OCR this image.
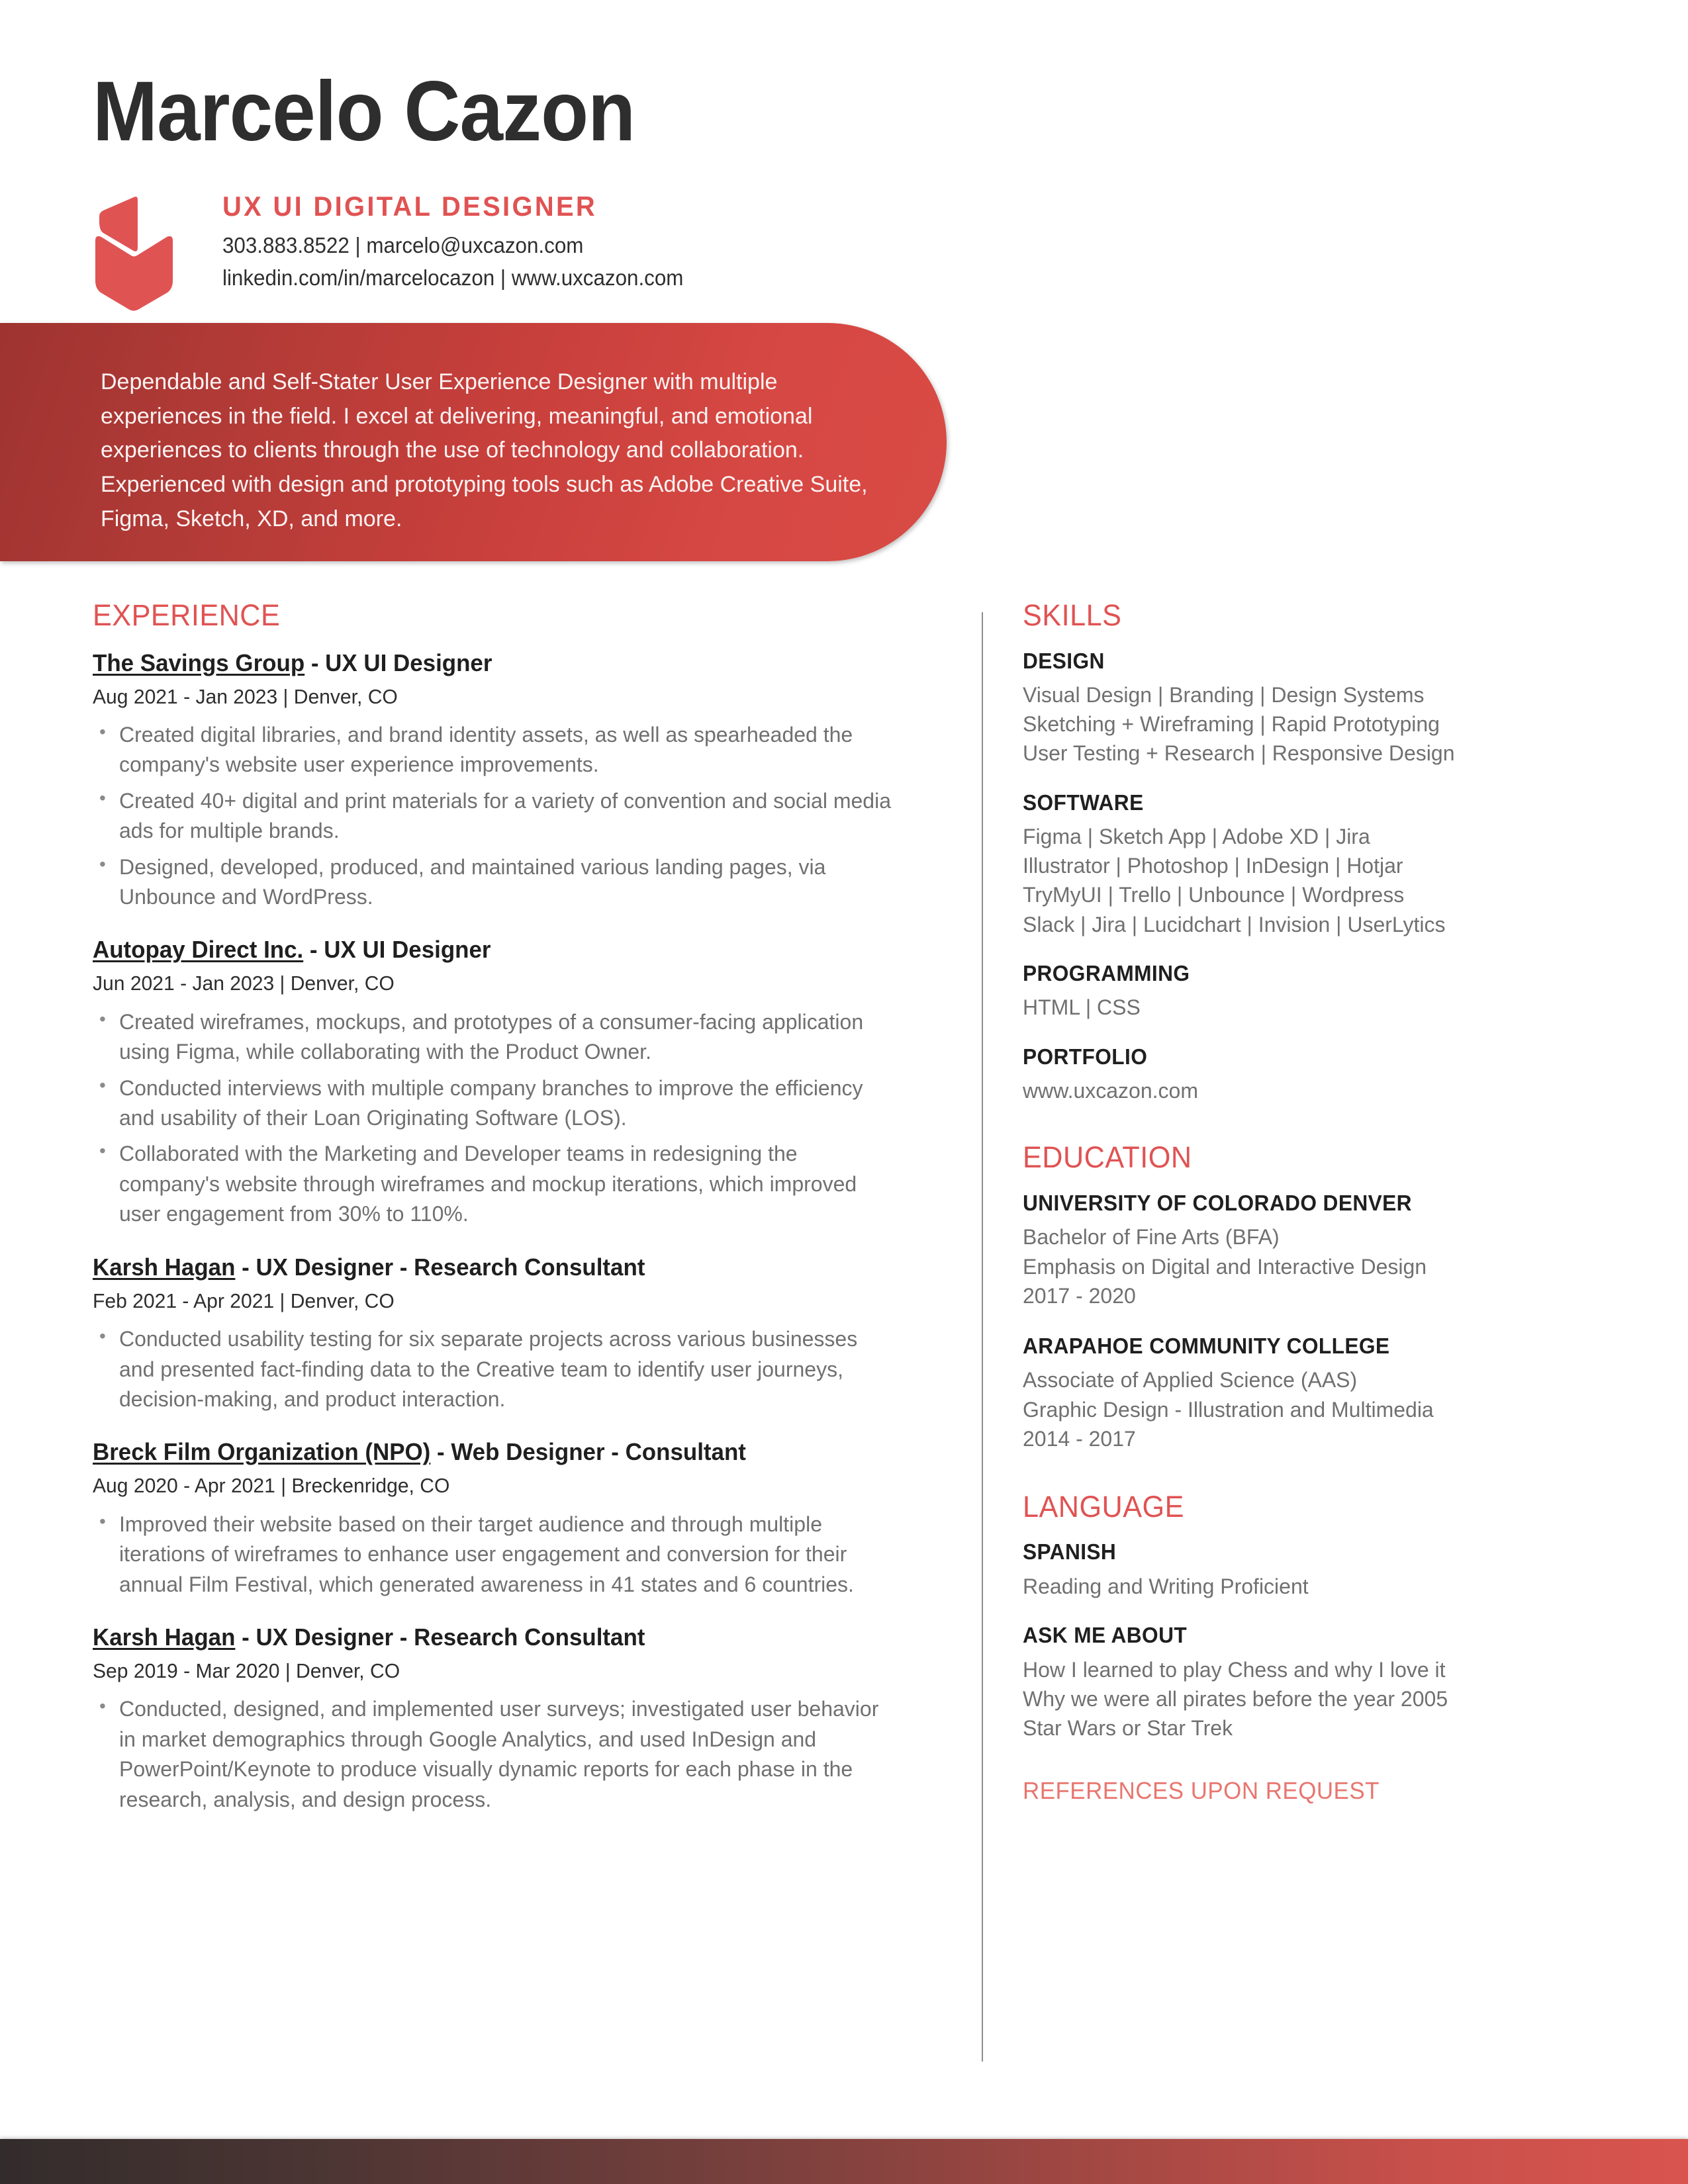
Marcelo Cazon
UX UI DIGITAL DESIGNER
303.883.8522 | marcelo@uxcazon.com
linkedin.com/in/marcelocazon | www.uxcazon.com
Dependable and Self-Stater User Experience Designer with multiple experiences in the field. I excel at delivering, meaningful, and emotional experiences to clients through the use of technology and collaboration. Experienced with design and prototyping tools such as Adobe Creative Suite, Figma, Sketch, XD, and more.
EXPERIENCE
The Savings Group - UX UI Designer
Aug 2021 - Jan 2023 | Denver, CO
• Created digital libraries, and brand identity assets, as well as spearheaded the company's website user experience improvements.
• Created 40+ digital and print materials for a variety of convention and social media ads for multiple brands.
• Designed, developed, produced, and maintained various landing pages, via Unbounce and WordPress.
Autopay Direct Inc. - UX UI Designer
Jun 2021 - Jan 2023 | Denver, CO
• Created wireframes, mockups, and prototypes of a consumer-facing application using Figma, while collaborating with the Product Owner.
• Conducted interviews with multiple company branches to improve the efficiency and usability of their Loan Originating Software (LOS).
• Collaborated with the Marketing and Developer teams in redesigning the company's website through wireframes and mockup iterations, which improved user engagement from 30% to 110%.
Karsh Hagan - UX Designer - Research Consultant
Feb 2021 - Apr 2021 | Denver, CO
• Conducted usability testing for six separate projects across various businesses and presented fact-finding data to the Creative team to identify user journeys, decision-making, and product interaction.
Breck Film Organization (NPO) - Web Designer - Consultant
Aug 2020 - Apr 2021 | Breckenridge, CO
• Improved their website based on their target audience and through multiple iterations of wireframes to enhance user engagement and conversion for their annual Film Festival, which generated awareness in 41 states and 6 countries.
Karsh Hagan - UX Designer - Research Consultant
Sep 2019 - Mar 2020 | Denver, CO
• Conducted, designed, and implemented user surveys; investigated user behavior in market demographics through Google Analytics, and used InDesign and PowerPoint/Keynote to produce visually dynamic reports for each phase in the research, analysis, and design process.
SKILLS
DESIGN
Visual Design | Branding | Design Systems
Sketching + Wireframing | Rapid Prototyping
User Testing + Research | Responsive Design
SOFTWARE
Figma | Sketch App | Adobe XD | Jira
Illustrator | Photoshop | InDesign | Hotjar
TryMyUI | Trello | Unbounce | Wordpress
Slack | Jira | Lucidchart | Invision | UserLytics
PROGRAMMING
HTML | CSS
PORTFOLIO
www.uxcazon.com
EDUCATION
UNIVERSITY OF COLORADO DENVER
Bachelor of Fine Arts (BFA)
Emphasis on Digital and Interactive Design
2017 - 2020
ARAPAHOE COMMUNITY COLLEGE
Associate of Applied Science (AAS)
Graphic Design - Illustration and Multimedia
2014 - 2017
LANGUAGE
SPANISH
Reading and Writing Proficient
ASK ME ABOUT
How I learned to play Chess and why I love it
Why we were all pirates before the year 2005
Star Wars or Star Trek
REFERENCES UPON REQUEST
